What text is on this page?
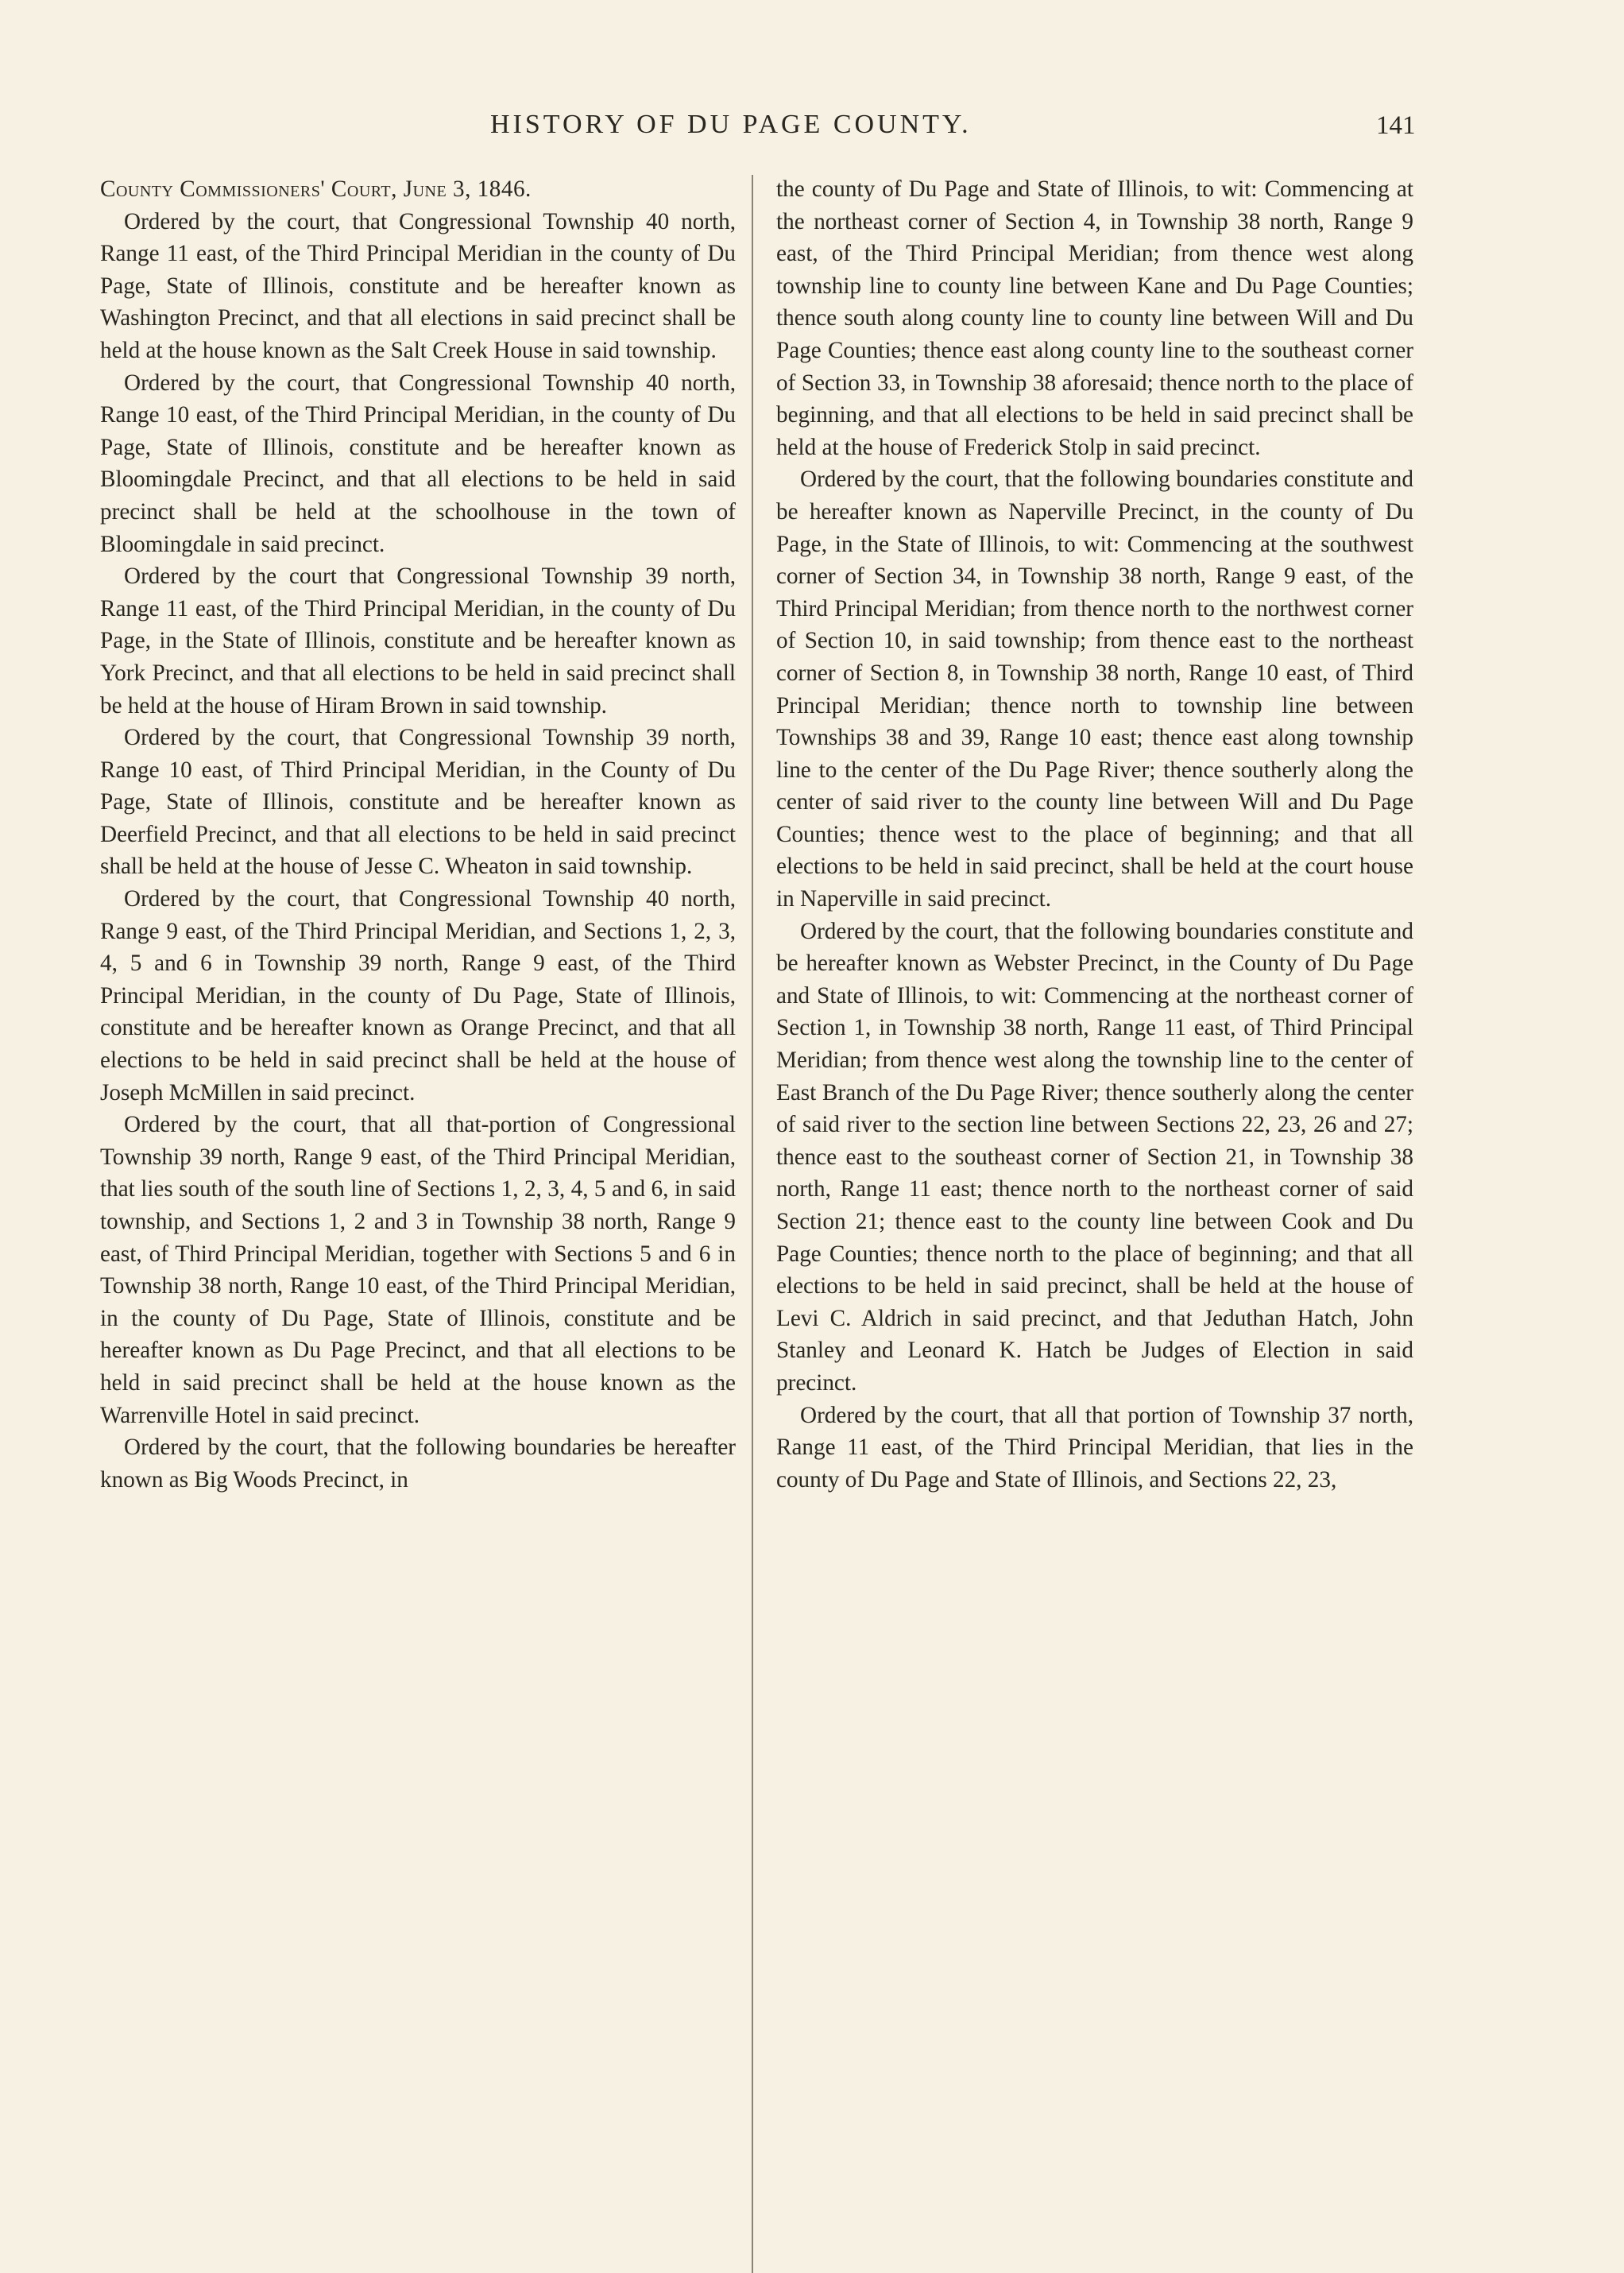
HISTORY OF DU PAGE COUNTY.	141

County Commissioners' Court, June 3, 1846.

Ordered by the court, that Congressional Township 40 north, Range 11 east, of the Third Principal Meridian in the county of Du Page, State of Illinois, constitute and be hereafter known as Washington Precinct, and that all elections in said precinct shall be held at the house known as the Salt Creek House in said township.

Ordered by the court, that Congressional Township 40 north, Range 10 east, of the Third Principal Meridian, in the county of Du Page, State of Illinois, constitute and be hereafter known as Bloomingdale Precinct, and that all elections to be held in said precinct shall be held at the schoolhouse in the town of Bloomingdale in said precinct.

Ordered by the court that Congressional Township 39 north, Range 11 east, of the Third Principal Meridian, in the county of Du Page, in the State of Illinois, constitute and be hereafter known as York Precinct, and that all elections to be held in said precinct shall be held at the house of Hiram Brown in said township.

Ordered by the court, that Congressional Township 39 north, Range 10 east, of Third Principal Meridian, in the County of Du Page, State of Illinois, constitute and be hereafter known as Deerfield Precinct, and that all elections to be held in said precinct shall be held at the house of Jesse C. Wheaton in said township.

Ordered by the court, that Congressional Township 40 north, Range 9 east, of the Third Principal Meridian, and Sections 1, 2, 3, 4, 5 and 6 in Township 39 north, Range 9 east, of the Third Principal Meridian, in the county of Du Page, State of Illinois, constitute and be hereafter known as Orange Precinct, and that all elections to be held in said precinct shall be held at the house of Joseph McMillen in said precinct.

Ordered by the court, that all that-portion of Congressional Township 39 north, Range 9 east, of the Third Principal Meridian, that lies south of the south line of Sections 1, 2, 3, 4, 5 and 6, in said township, and Sections 1, 2 and 3 in Township 38 north, Range 9 east, of Third Principal Meridian, together with Sections 5 and 6 in Township 38 north, Range 10 east, of the Third Principal Meridian, in the county of Du Page, State of Illinois, constitute and be hereafter known as Du Page Precinct, and that all elections to be held in said precinct shall be held at the house known as the Warrenville Hotel in said precinct.

Ordered by the court, that the following boundaries be hereafter known as Big Woods Precinct, in

the county of Du Page and State of Illinois, to wit: Commencing at the northeast corner of Section 4, in Township 38 north, Range 9 east, of the Third Principal Meridian; from thence west along township line to county line between Kane and Du Page Counties; thence south along county line to county line between Will and Du Page Counties; thence east along county line to the southeast corner of Section 33, in Township 38 aforesaid; thence north to the place of beginning, and that all elections to be held in said precinct shall be held at the house of Frederick Stolp in said precinct.

Ordered by the court, that the following boundaries constitute and be hereafter known as Naperville Precinct, in the county of Du Page, in the State of Illinois, to wit: Commencing at the southwest corner of Section 34, in Township 38 north, Range 9 east, of the Third Principal Meridian; from thence north to the northwest corner of Section 10, in said township; from thence east to the northeast corner of Section 8, in Township 38 north, Range 10 east, of Third Principal Meridian; thence north to township line between Townships 38 and 39, Range 10 east; thence east along township line to the center of the Du Page River; thence southerly along the center of said river to the county line between Will and Du Page Counties; thence west to the place of beginning; and that all elections to be held in said precinct, shall be held at the court house in Naperville in said precinct.

Ordered by the court, that the following boundaries constitute and be hereafter known as Webster Precinct, in the County of Du Page and State of Illinois, to wit: Commencing at the northeast corner of Section 1, in Township 38 north, Range 11 east, of Third Principal Meridian; from thence west along the township line to the center of East Branch of the Du Page River; thence southerly along the center of said river to the section line between Sections 22, 23, 26 and 27; thence east to the southeast corner of Section 21, in Township 38 north, Range 11 east; thence north to the northeast corner of said Section 21; thence east to the county line between Cook and Du Page Counties; thence north to the place of beginning; and that all elections to be held in said precinct, shall be held at the house of Levi C. Aldrich in said precinct, and that Jeduthan Hatch, John Stanley and Leonard K. Hatch be Judges of Election in said precinct.

Ordered by the court, that all that portion of Township 37 north, Range 11 east, of the Third Principal Meridian, that lies in the county of Du Page and State of Illinois, and Sections 22, 23,
